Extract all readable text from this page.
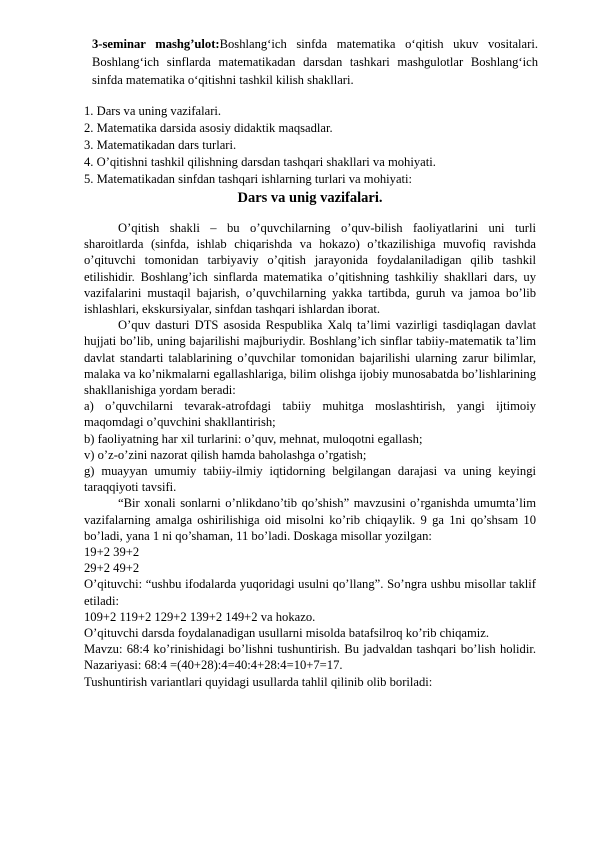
3-seminar mashg’ulot:Boshlang‘ich sinfda matematika o‘qitish ukuv vositalari. Boshlang‘ich sinflarda matematikadan darsdan tashkari mashgulotlar Boshlang‘ich sinfda matematika o‘qitishni tashkil kilish shakllari.

1. Dars va uning vazifalari.
2. Matematika darsida asosiy didaktik maqsadlar.
3. Matematikadan dars turlari.
4. O’qitishni tashkil qilishning darsdan tashqari shakllari va mohiyati.
5. Matematikadan sinfdan tashqari ishlarning turlari va mohiyati:
Dars va unig vazifalari.

O’qitish shakli – bu o’quvchilarning o’quv-bilish faoliyatlarini uni turli sharoitlarda (sinfda, ishlab chiqarishda va hokazo) o’tkazilishiga muvofiq ravishda o’qituvchi tomonidan tarbiyaviy o’qitish jarayonida foydalaniladigan qilib tashkil etilishidir. Boshlang’ich sinflarda matematika o’qitishning tashkiliy shakllari dars, uy vazifalarini mustaqil bajarish, o’quvchilarning yakka tartibda, guruh va jamoa bo’lib ishlashlari, ekskursiyalar, sinfdan tashqari ishlardan iborat.

O’quv dasturi DTS asosida Respublika Xalq ta’limi vazirligi tasdiqlagan davlat hujjati bo’lib, uning bajarilishi majburiydir. Boshlang’ich sinflar tabiiy-matematik ta’lim davlat standarti talablarining o’quvchilar tomonidan bajarilishi ularning zarur bilimlar, malaka va ko’nikmalarni egallashlariga, bilim olishga ijobiy munosabatda bo’lishlarining shakllanishiga yordam beradi:

a) o’quvchilarni tevarak-atrofdagi tabiiy muhitga moslashtirish, yangi ijtimoiy maqomdagi o’quvchini shakllantirish;

b) faoliyatning har xil turlarini: o’quv, mehnat, muloqotni egallash;

v) o’z-o’zini nazorat qilish hamda baholashga o’rgatish;

g) muayyan umumiy tabiiy-ilmiy iqtidorning belgilangan darajasi va uning keyingi taraqqiyoti tavsifi.

“Bir xonali sonlarni o’nlikdano’tib qo’shish” mavzusini o’rganishda umumta’lim vazifalarning amalga oshirilishiga oid misolni ko’rib chiqaylik. 9 ga 1ni qo’shsam 10 bo’ladi, yana 1 ni qo’shaman, 11 bo’ladi. Doskaga misollar yozilgan:

19+2 39+2

29+2 49+2

O’qituvchi: “ushbu ifodalarda yuqoridagi usulni qo’llang”. So’ngra ushbu misollar taklif etiladi:

109+2 119+2 129+2 139+2 149+2 va hokazo.

O’qituvchi darsda foydalanadigan usullarni misolda batafsilroq ko’rib chiqamiz.

Mavzu: 68:4 ko’rinishidagi bo’lishni tushuntirish. Bu jadvaldan tashqari bo’lish holidir. Nazariyasi: 68:4 =(40+28):4=40:4+28:4=10+7=17.

Tushuntirish variantlari quyidagi usullarda tahlil qilinib olib boriladi:
